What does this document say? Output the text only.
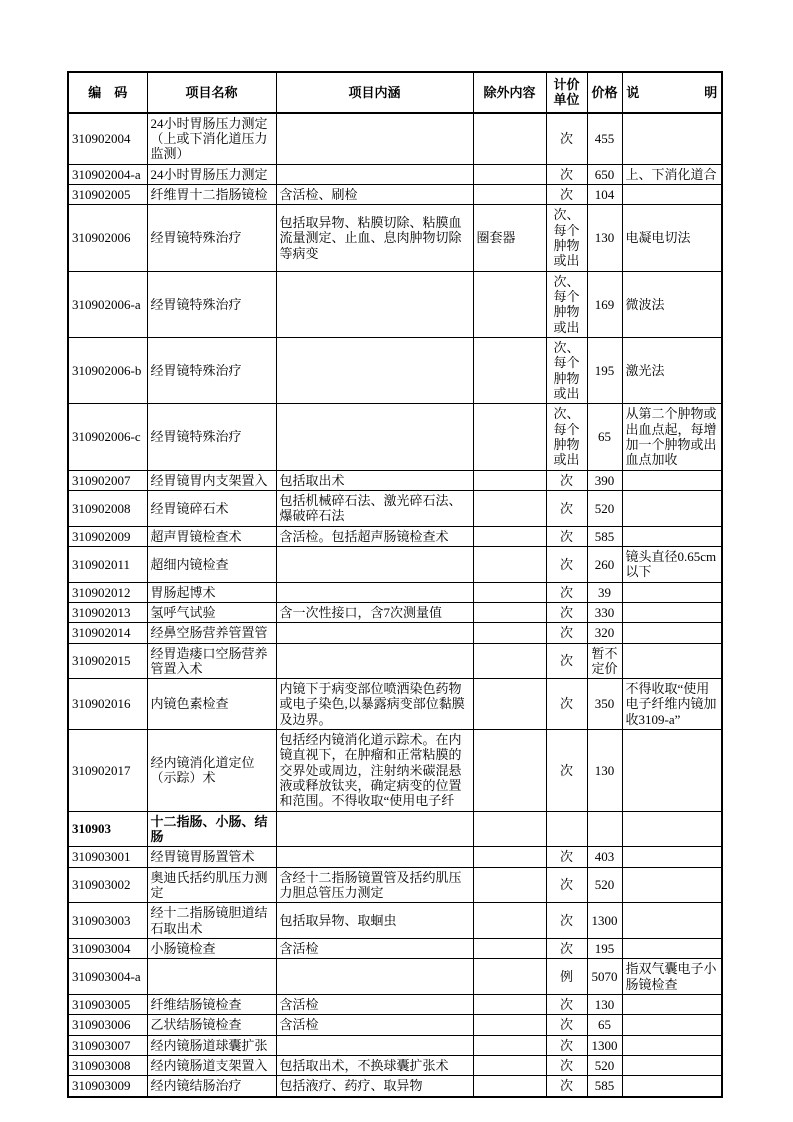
编　码	项目名称	项目内涵	除外内容	计价单位	价格	说　　　　　明
310902004	24小时胃肠压力测定（上或下消化道压力监测）			次	455	
310902004-a	24小时胃肠压力测定			次	650	上、下消化道合
310902005	纤维胃十二指肠镜检	含活检、刷检		次	104	
310902006	经胃镜特殊治疗	包括取异物、粘膜切除、粘膜血流量测定、止血、息肉肿物切除等病变	圈套器	次、每个肿物或出	130	电凝电切法
310902006-a	经胃镜特殊治疗			次、每个肿物或出	169	微波法
310902006-b	经胃镜特殊治疗			次、每个肿物或出	195	激光法
310902006-c	经胃镜特殊治疗			次、每个肿物或出	65	从第二个肿物或出血点起，每增加一个肿物或出血点加收
310902007	经胃镜胃内支架置入	包括取出术		次	390	
310902008	经胃镜碎石术	包括机械碎石法、激光碎石法、爆破碎石法		次	520	
310902009	超声胃镜检查术	含活检。包括超声肠镜检查术		次	585	
310902011	超细内镜检查			次	260	镜头直径0.65cm以下
310902012	胃肠起博术			次	39	
310902013	氢呼气试验	含一次性接口，含7次测量值		次	330	
310902014	经鼻空肠营养管置管			次	320	
310902015	经胃造瘘口空肠营养管置入术			次	暂不定价	
310902016	内镜色素检查	内镜下于病变部位喷洒染色药物或电子染色,以暴露病变部位黏膜及边界。		次	350	不得收取“使用电子纤维内镜加收3109-a”
310902017	经内镜消化道定位（示踪）术	包括经内镜消化道示踪术。在内镜直视下，在肿瘤和正常粘膜的交界处或周边，注射纳米碳混悬液或释放钛夹，确定病变的位置和范围。不得收取“使用电子纤		次	130	
310903	十二指肠、小肠、结肠					
310903001	经胃镜胃肠置管术			次	403	
310903002	奥迪氏括约肌压力测定	含经十二指肠镜置管及括约肌压力胆总管压力测定		次	520	
310903003	经十二指肠镜胆道结石取出术	包括取异物、取蛔虫		次	1300	
310903004	小肠镜检查	含活检		次	195	
310903004-a				例	5070	指双气囊电子小肠镜检查
310903005	纤维结肠镜检查	含活检		次	130	
310903006	乙状结肠镜检查	含活检		次	65	
310903007	经内镜肠道球囊扩张			次	1300	
310903008	经内镜肠道支架置入	包括取出术，不换球囊扩张术		次	520	
310903009	经内镜结肠治疗	包括液疗、药疗、取异物		次	585	
